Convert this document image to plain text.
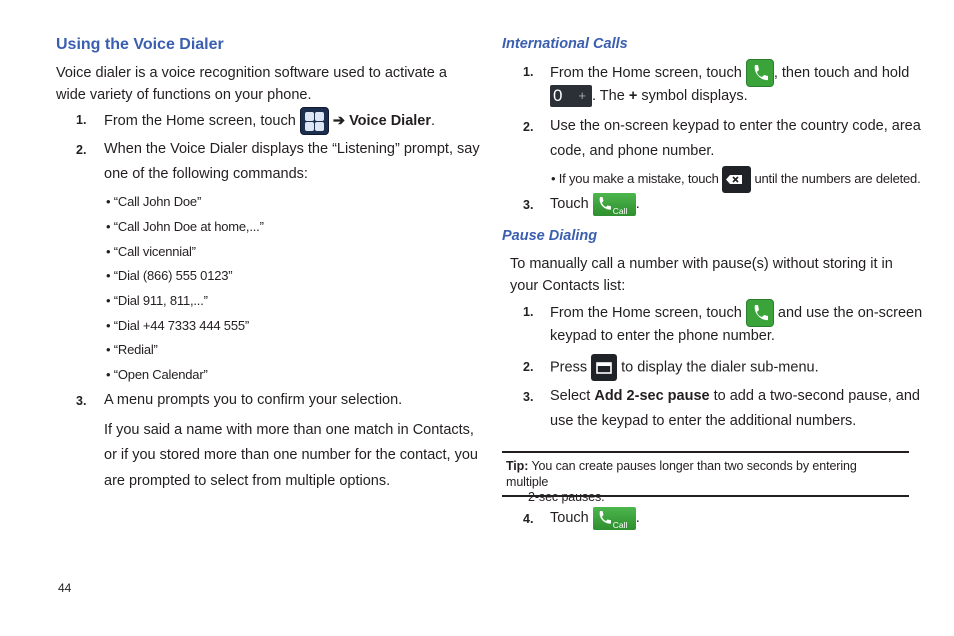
Using the Voice Dialer
Voice dialer is a voice recognition software used to activate a wide variety of functions on your phone.
1. From the Home screen, touch	➔ Voice Dialer.
2. When the Voice Dialer displays the “Listening” prompt, say
one of the following commands:
• “Call John Doe”
• “Call John Doe at home,...”
• “Call vicennial”
• “Dial (866) 555 0123”
• “Dial 911, 811,...”
• “Dial +44 7333 444 555”
• “Redial”
• “Open Calendar”
3. A menu prompts you to confirm your selection.
If you said a name with more than one match in Contacts,
or if you stored more than one number for the contact, you
are prompted to select from multiple options.
International Calls
1. From the Home screen, touch , then touch and hold
0 + . The + symbol displays.
2. Use the on-screen keypad to enter the country code, area
code, and phone number.
• If you make a mistake, touch	until the numbers are deleted.
3. Touch	Call .
Pause Dialing
To manually call a number with pause(s) without storing it in your Contacts list:
1. From the Home screen, touch and use the on-screen
keypad to enter the phone number.
2. Press to display the dialer sub-menu.
3. Select Add 2-sec pause to add a two-second pause, and
use the keypad to enter the additional numbers.
Tip: You can create pauses longer than two seconds by entering multiple
2-sec pauses.
4. Touch	Call .
44
